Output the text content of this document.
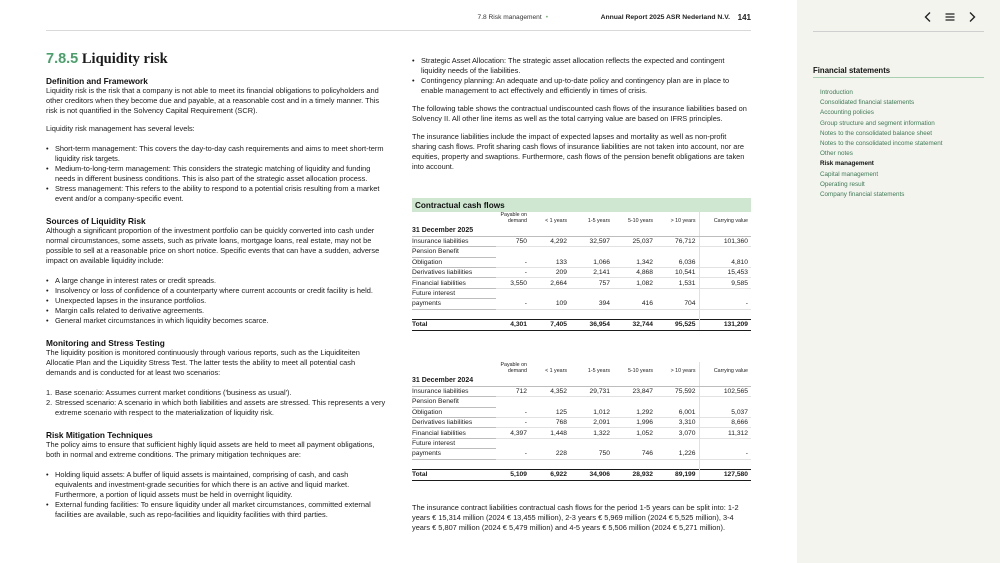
7.8 Risk management •	Annual Report 2025 ASR Nederland N.V. 141
7.8.5 Liquidity risk
Definition and Framework
Liquidity risk is the risk that a company is not able to meet its financial obligations to policyholders and other creditors when they become due and payable, at a reasonable cost and in a timely manner. This risk is not quantified in the Solvency Capital Requirement (SCR).
Liquidity risk management has several levels:
• Short-term management: This covers the day-to-day cash requirements and aims to meet short-term liquidity risk targets.
• Medium-to-long-term management: This considers the strategic matching of liquidity and funding needs in different business conditions. This is also part of the strategic asset allocation process.
• Stress management: This refers to the ability to respond to a potential crisis resulting from a market event and/or a company-specific event.
Sources of Liquidity Risk
Although a significant proportion of the investment portfolio can be quickly converted into cash under normal circumstances, some assets, such as private loans, mortgage loans, real estate, may not be possible to sell at a reasonable price on short notice. Specific events that can have a sudden, adverse impact on available liquidity include:
• A large change in interest rates or credit spreads.
• Insolvency or loss of confidence of a counterparty where current accounts or credit facility is held.
• Unexpected lapses in the insurance portfolios.
• Margin calls related to derivative agreements.
• General market circumstances in which liquidity becomes scarce.
Monitoring and Stress Testing
The liquidity position is monitored continuously through various reports, such as the Liquiditeiten Allocatie Plan and the Liquidity Stress Test. The latter tests the ability to meet all potential cash demands and is conducted for at least two scenarios:
1. Base scenario: Assumes current market conditions ('business as usual').
2. Stressed scenario: A scenario in which both liabilities and assets are stressed. This represents a very extreme scenario with respect to the materialization of liquidity risk.
Risk Mitigation Techniques
The policy aims to ensure that sufficient highly liquid assets are held to meet all payment obligations, both in normal and extreme conditions. The primary mitigation techniques are:
• Holding liquid assets: A buffer of liquid assets is maintained, comprising of cash, and cash equivalents and investment-grade securities for which there is an active and liquid market. Furthermore, a portion of liquid assets must be held in overnight liquidity.
• External funding facilities: To ensure liquidity under all market circumstances, committed external facilities are available, such as repo-facilities and liquidity facilities with third parties.
• Strategic Asset Allocation: The strategic asset allocation reflects the expected and contingent liquidity needs of the liabilities.
• Contingency planning: An adequate and up-to-date policy and contingency plan are in place to enable management to act effectively and efficiently in times of crisis.
The following table shows the contractual undiscounted cash flows of the insurance liabilities based on Solvency II. All other line items as well as the total carrying value are based on IFRS principles.
The insurance liabilities include the impact of expected lapses and mortality as well as non-profit sharing cash flows. Profit sharing cash flows of insurance liabilities are not taken into account, nor are equities, property and swaptions. Furthermore, cash flows of the pension benefit obligations are taken into account.
Contractual cash flows
	Payable on demand	< 1 years	1-5 years	5-10 years	> 10 years	Carrying value
31 December 2025						
Insurance liabilities	750	4,292	32,597	25,037	76,712	101,360
Pension Benefit						
Obligation	-	133	1,066	1,342	6,036	4,810
Derivatives liabilities	-	209	2,141	4,868	10,541	15,453
Financial liabilities	3,550	2,664	757	1,082	1,531	9,585
Future interest						
payments	-	109	394	416	704	-

Total	4,301	7,405	36,954	32,744	95,525	131,209
	Payable on demand	< 1 years	1-5 years	5-10 years	> 10 years	Carrying value
31 December 2024						
Insurance liabilities	712	4,352	29,731	23,847	75,592	102,565
Pension Benefit						
Obligation	-	125	1,012	1,292	6,001	5,037
Derivatives liabilities	-	768	2,091	1,996	3,310	8,666
Financial liabilities	4,397	1,448	1,322	1,052	3,070	11,312
Future interest						
payments	-	228	750	746	1,226	-

Total	5,109	6,922	34,906	28,932	89,199	127,580
The insurance contract liabilities contractual cash flows for the period 1-5 years can be split into: 1-2 years € 15,314 million (2024 € 13,455 million), 2-3 years € 5,969 million (2024 € 5,525 million), 3-4 years € 5,807 million (2024 € 5,479 million) and 4-5 years € 5,506 million (2024 € 5,271 million).
Financial statements
Introduction
Consolidated financial statements
Accounting policies
Group structure and segment information
Notes to the consolidated balance sheet
Notes to the consolidated income statement
Other notes
Risk management
Capital management
Operating result
Company financial statements
